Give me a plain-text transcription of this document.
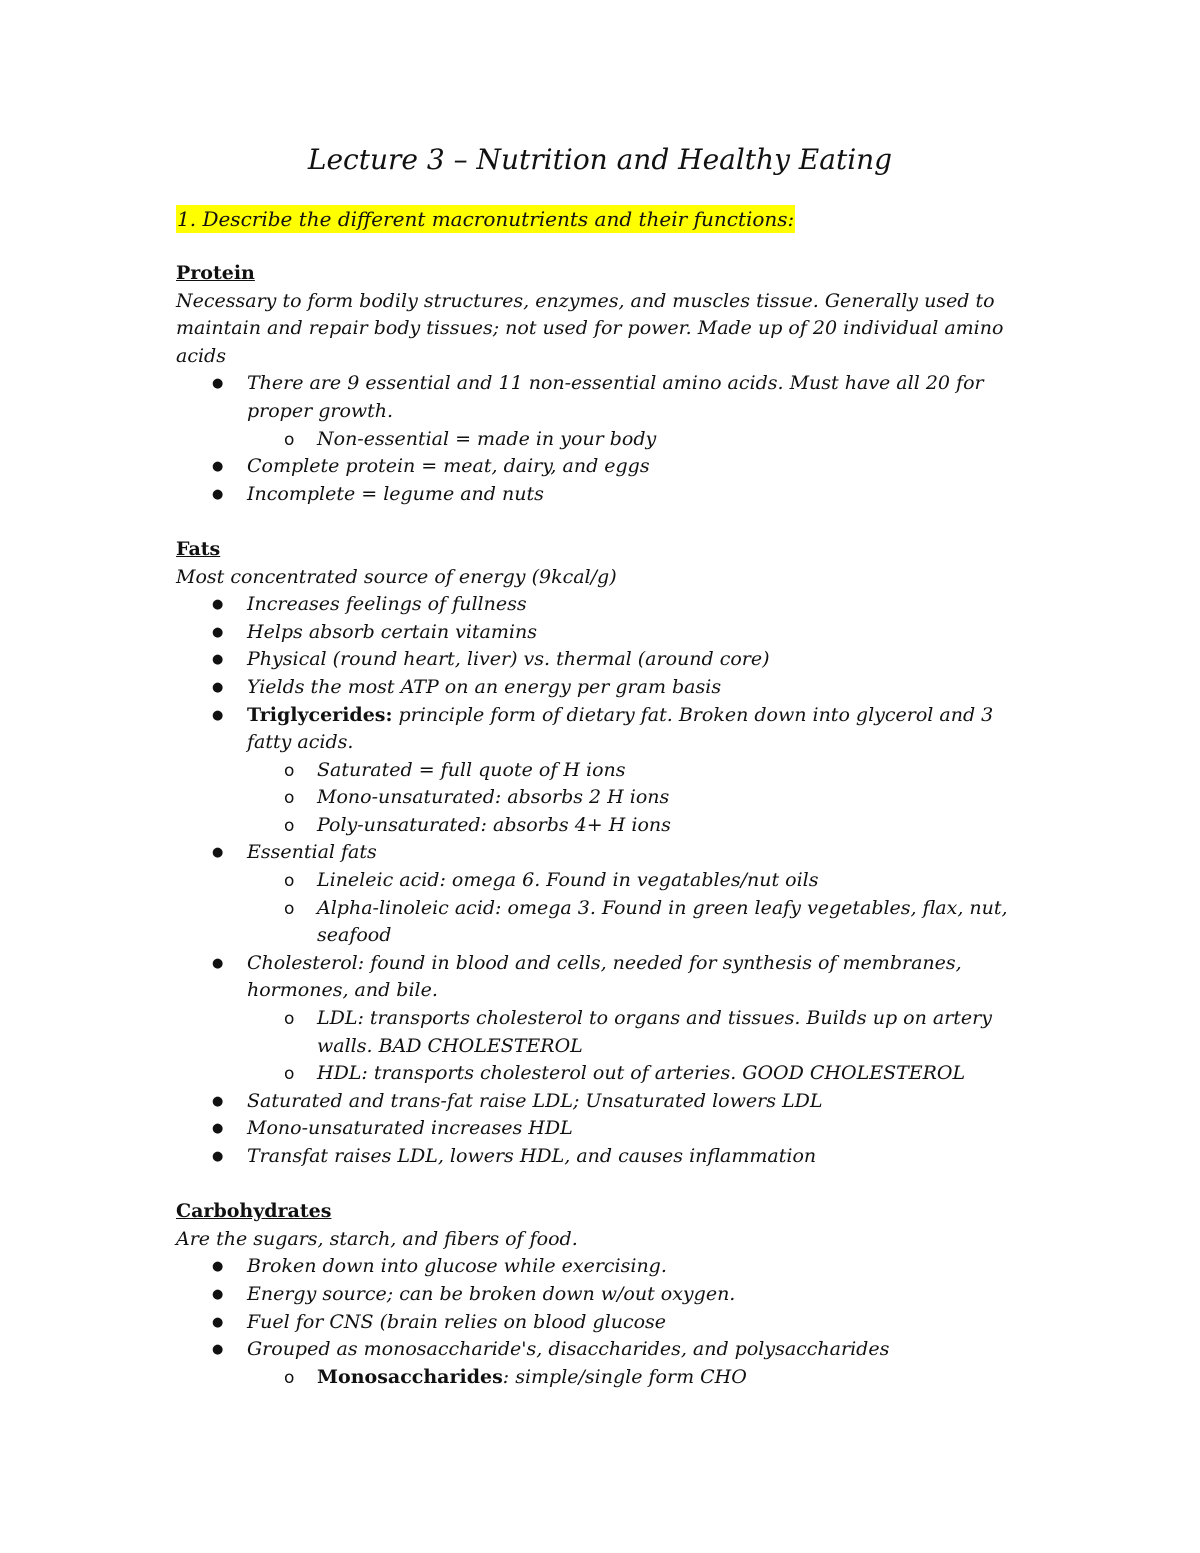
Lecture 3 – Nutrition and Healthy Eating
1. Describe the different macronutrients and their functions:
Protein
Necessary to form bodily structures, enzymes, and muscles tissue. Generally used to maintain and repair body tissues; not used for power. Made up of 20 individual amino acids
● There are 9 essential and 11 non-essential amino acids. Must have all 20 for proper growth.
o Non-essential = made in your body
● Complete protein = meat, dairy, and eggs
● Incomplete = legume and nuts
Fats
Most concentrated source of energy (9kcal/g)
● Increases feelings of fullness
● Helps absorb certain vitamins
● Physical (round heart, liver) vs. thermal (around core)
● Yields the most ATP on an energy per gram basis
● Triglycerides: principle form of dietary fat. Broken down into glycerol and 3 fatty acids.
o Saturated = full quote of H ions
o Mono-unsaturated: absorbs 2 H ions
o Poly-unsaturated: absorbs 4+ H ions
● Essential fats
o Lineleic acid: omega 6. Found in vegatables/nut oils
o Alpha-linoleic acid: omega 3. Found in green leafy vegetables, flax, nut, seafood
● Cholesterol: found in blood and cells, needed for synthesis of membranes, hormones, and bile.
o LDL: transports cholesterol to organs and tissues. Builds up on artery walls. BAD CHOLESTEROL
o HDL: transports cholesterol out of arteries. GOOD CHOLESTEROL
● Saturated and trans-fat raise LDL; Unsaturated lowers LDL
● Mono-unsaturated increases HDL
● Transfat raises LDL, lowers HDL, and causes inflammation
Carbohydrates
Are the sugars, starch, and fibers of food.
● Broken down into glucose while exercising.
● Energy source; can be broken down w/out oxygen.
● Fuel for CNS (brain relies on blood glucose
● Grouped as monosaccharide's, disaccharides, and polysaccharides
o Monosaccharides: simple/single form CHO
